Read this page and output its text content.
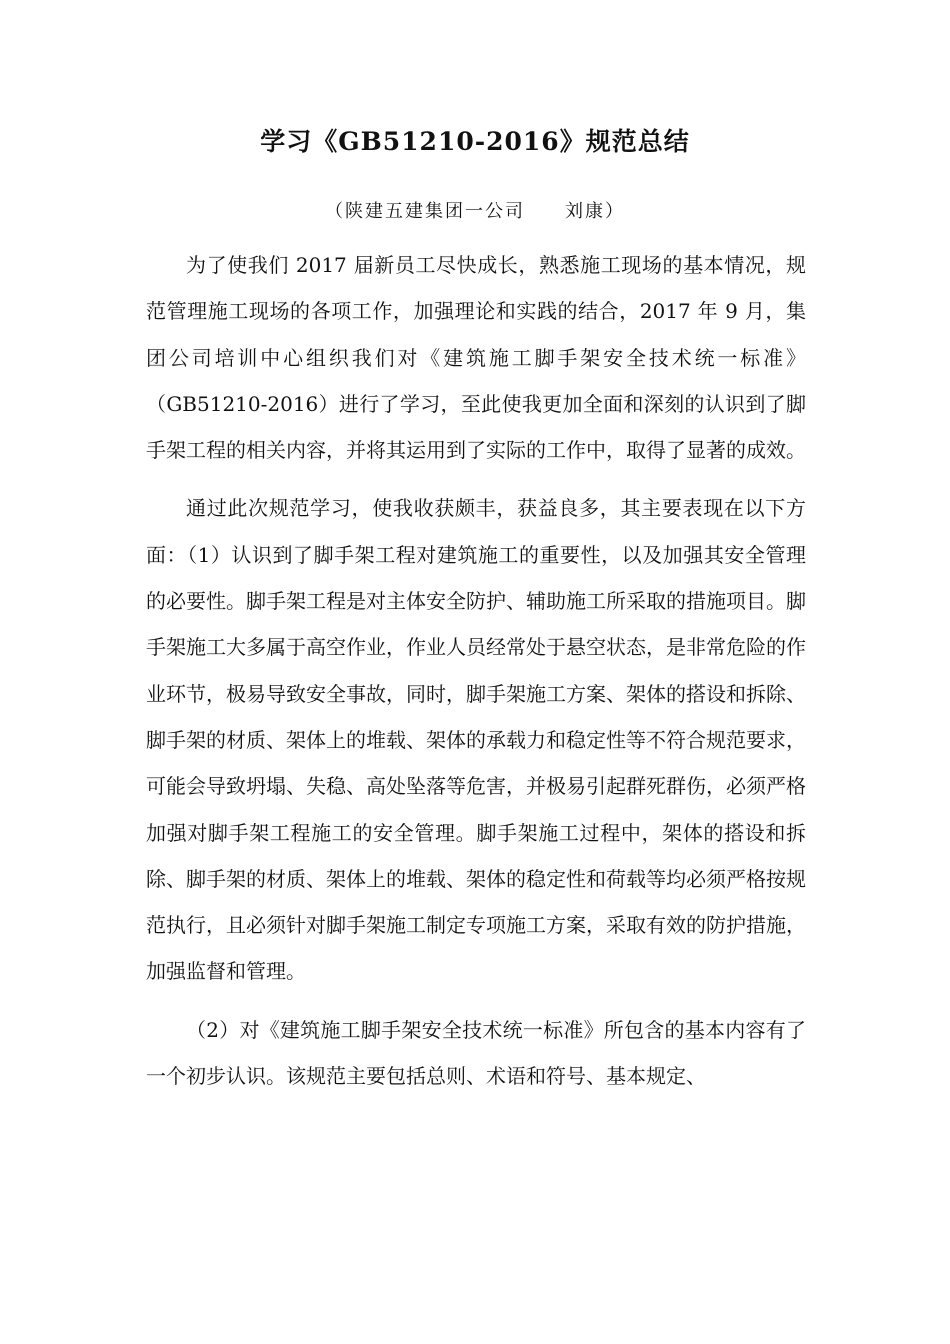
学习《GB51210-2016》规范总结
（陕建五建集团一公司　　刘康）

为了使我们 2017 届新员工尽快成长，熟悉施工现场的基本情况，规范管理施工现场的各项工作，加强理论和实践的结合，2017 年 9 月，集团公司培训中心组织我们对《建筑施工脚手架安全技术统一标准》（GB51210-2016）进行了学习，至此使我更加全面和深刻的认识到了脚手架工程的相关内容，并将其运用到了实际的工作中，取得了显著的成效。

通过此次规范学习，使我收获颇丰，获益良多，其主要表现在以下方面：（1）认识到了脚手架工程对建筑施工的重要性，以及加强其安全管理的必要性。脚手架工程是对主体安全防护、辅助施工所采取的措施项目。脚手架施工大多属于高空作业，作业人员经常处于悬空状态，是非常危险的作业环节，极易导致安全事故，同时，脚手架施工方案、架体的搭设和拆除、脚手架的材质、架体上的堆载、架体的承载力和稳定性等不符合规范要求，可能会导致坍塌、失稳、高处坠落等危害，并极易引起群死群伤，必须严格加强对脚手架工程施工的安全管理。脚手架施工过程中，架体的搭设和拆除、脚手架的材质、架体上的堆载、架体的稳定性和荷载等均必须严格按规范执行，且必须针对脚手架施工制定专项施工方案，采取有效的防护措施，加强监督和管理。

（2）对《建筑施工脚手架安全技术统一标准》所包含的基本内容有了一个初步认识。该规范主要包括总则、术语和符号、基本规定、
